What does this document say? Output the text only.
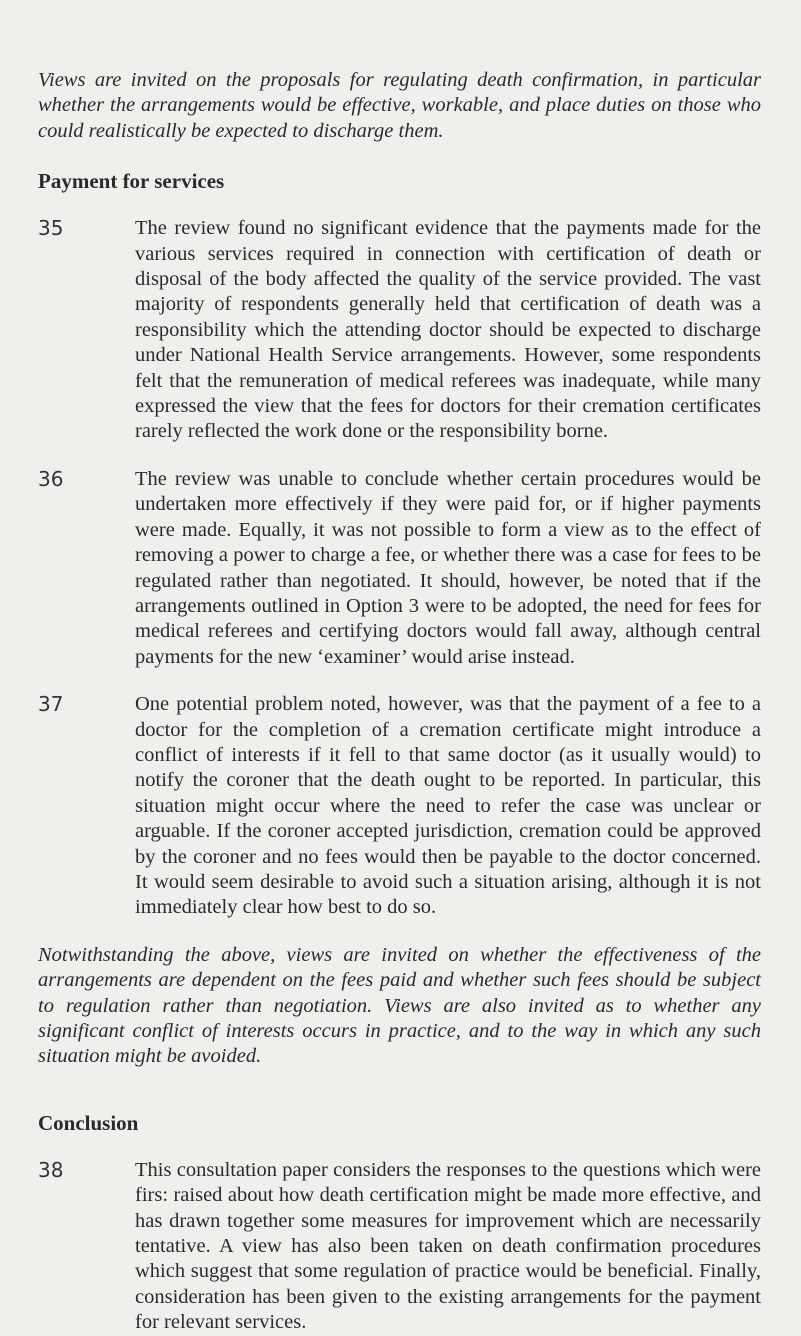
Views are invited on the proposals for regulating death confirmation, in particular whether the arrangements would be effective, workable, and place duties on those who could realistically be expected to discharge them.

Payment for services
35	The review found no significant evidence that the payments made for the various services required in connection with certification of death or disposal of the body affected the quality of the service provided. The vast majority of respondents generally held that certification of death was a responsibility which the attending doctor should be expected to discharge under National Health Service arrangements. However, some respondents felt that the remuneration of medical referees was inadequate, while many expressed the view that the fees for doctors for their cremation certificates rarely reflected the work done or the responsibility borne.
36	The review was unable to conclude whether certain procedures would be undertaken more effectively if they were paid for, or if higher payments were made. Equally, it was not possible to form a view as to the effect of removing a power to charge a fee, or whether there was a case for fees to be regulated rather than negotiated. It should, however, be noted that if the arrangements outlined in Option 3 were to be adopted, the need for fees for medical referees and certifying doctors would fall away, although central payments for the new ‘examiner’ would arise instead.
37	One potential problem noted, however, was that the payment of a fee to a doctor for the completion of a cremation certificate might introduce a conflict of interests if it fell to that same doctor (as it usually would) to notify the coroner that the death ought to be reported. In particular, this situation might occur where the need to refer the case was unclear or arguable. If the coroner accepted jurisdiction, cremation could be approved by the coroner and no fees would then be payable to the doctor concerned. It would seem desirable to avoid such a situation arising, although it is not immediately clear how best to do so.

Notwithstanding the above, views are invited on whether the effectiveness of the arrangements are dependent on the fees paid and whether such fees should be subject to regulation rather than negotiation. Views are also invited as to whether any significant conflict of interests occurs in practice, and to the way in which any such situation might be avoided.

Conclusion
38	This consultation paper considers the responses to the questions which were firs: raised about how death certification might be made more effective, and has drawn together some measures for improvement which are necessarily tentative. A view has also been taken on death confirmation procedures which suggest that some regulation of practice would be beneficial. Finally, consideration has been given to the existing arrangements for the payment for relevant services.
